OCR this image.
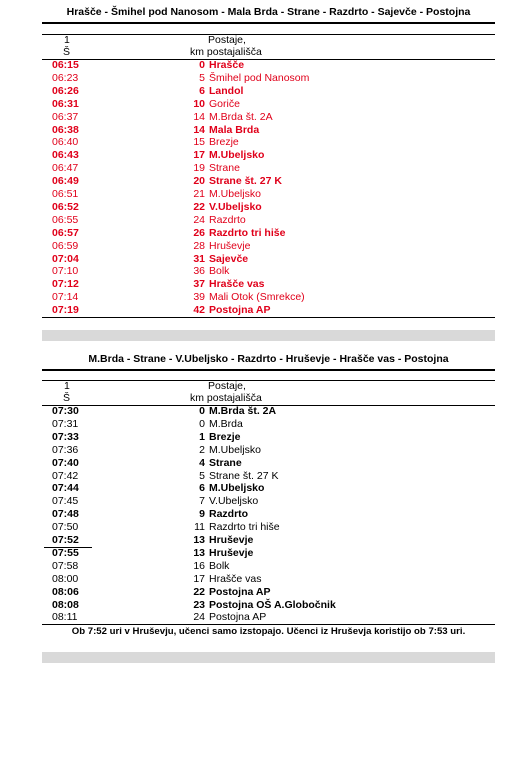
Hrašče - Šmihel pod Nanosom - Mala Brda - Strane - Razdrto - Sajevče - Postojna
1
Š
Postaje,
km postajališča
06:15	0 Hrašče
06:23	5 Šmihel pod Nanosom
06:26	6 Landol
06:31	10 Goriče
06:37	14 M.Brda št. 2A
06:38	14 Mala Brda
06:40	15 Brezje
06:43	17 M.Ubeljsko
06:47	19 Strane
06:49	20 Strane št. 27 K
06:51	21 M.Ubeljsko
06:52	22 V.Ubeljsko
06:55	24 Razdrto
06:57	26 Razdrto tri hiše
06:59	28 Hruševje
07:04	31 Sajevče
07:10	36 Bolk
07:12	37 Hrašče vas
07:14	39 Mali Otok (Smrekce)
07:19	42 Postojna AP
M.Brda - Strane - V.Ubeljsko - Razdrto - Hruševje - Hrašče vas - Postojna
1
Š
Postaje,
km postajališča
07:30	0 M.Brda št. 2A
07:31	0 M.Brda
07:33	1 Brezje
07:36	2 M.Ubeljsko
07:40	4 Strane
07:42	5 Strane št. 27 K
07:44	6 M.Ubeljsko
07:45	7 V.Ubeljsko
07:48	9 Razdrto
07:50	11 Razdrto tri hiše
07:52	13 Hruševje
07:55	13 Hruševje
07:58	16 Bolk
08:00	17 Hrašče vas
08:06	22 Postojna AP
08:08	23 Postojna OŠ A.Globočnik
08:11	24 Postojna AP
Ob 7:52 uri v Hruševju, učenci samo izstopajo. Učenci iz Hruševja koristijo ob 7:53 uri.
